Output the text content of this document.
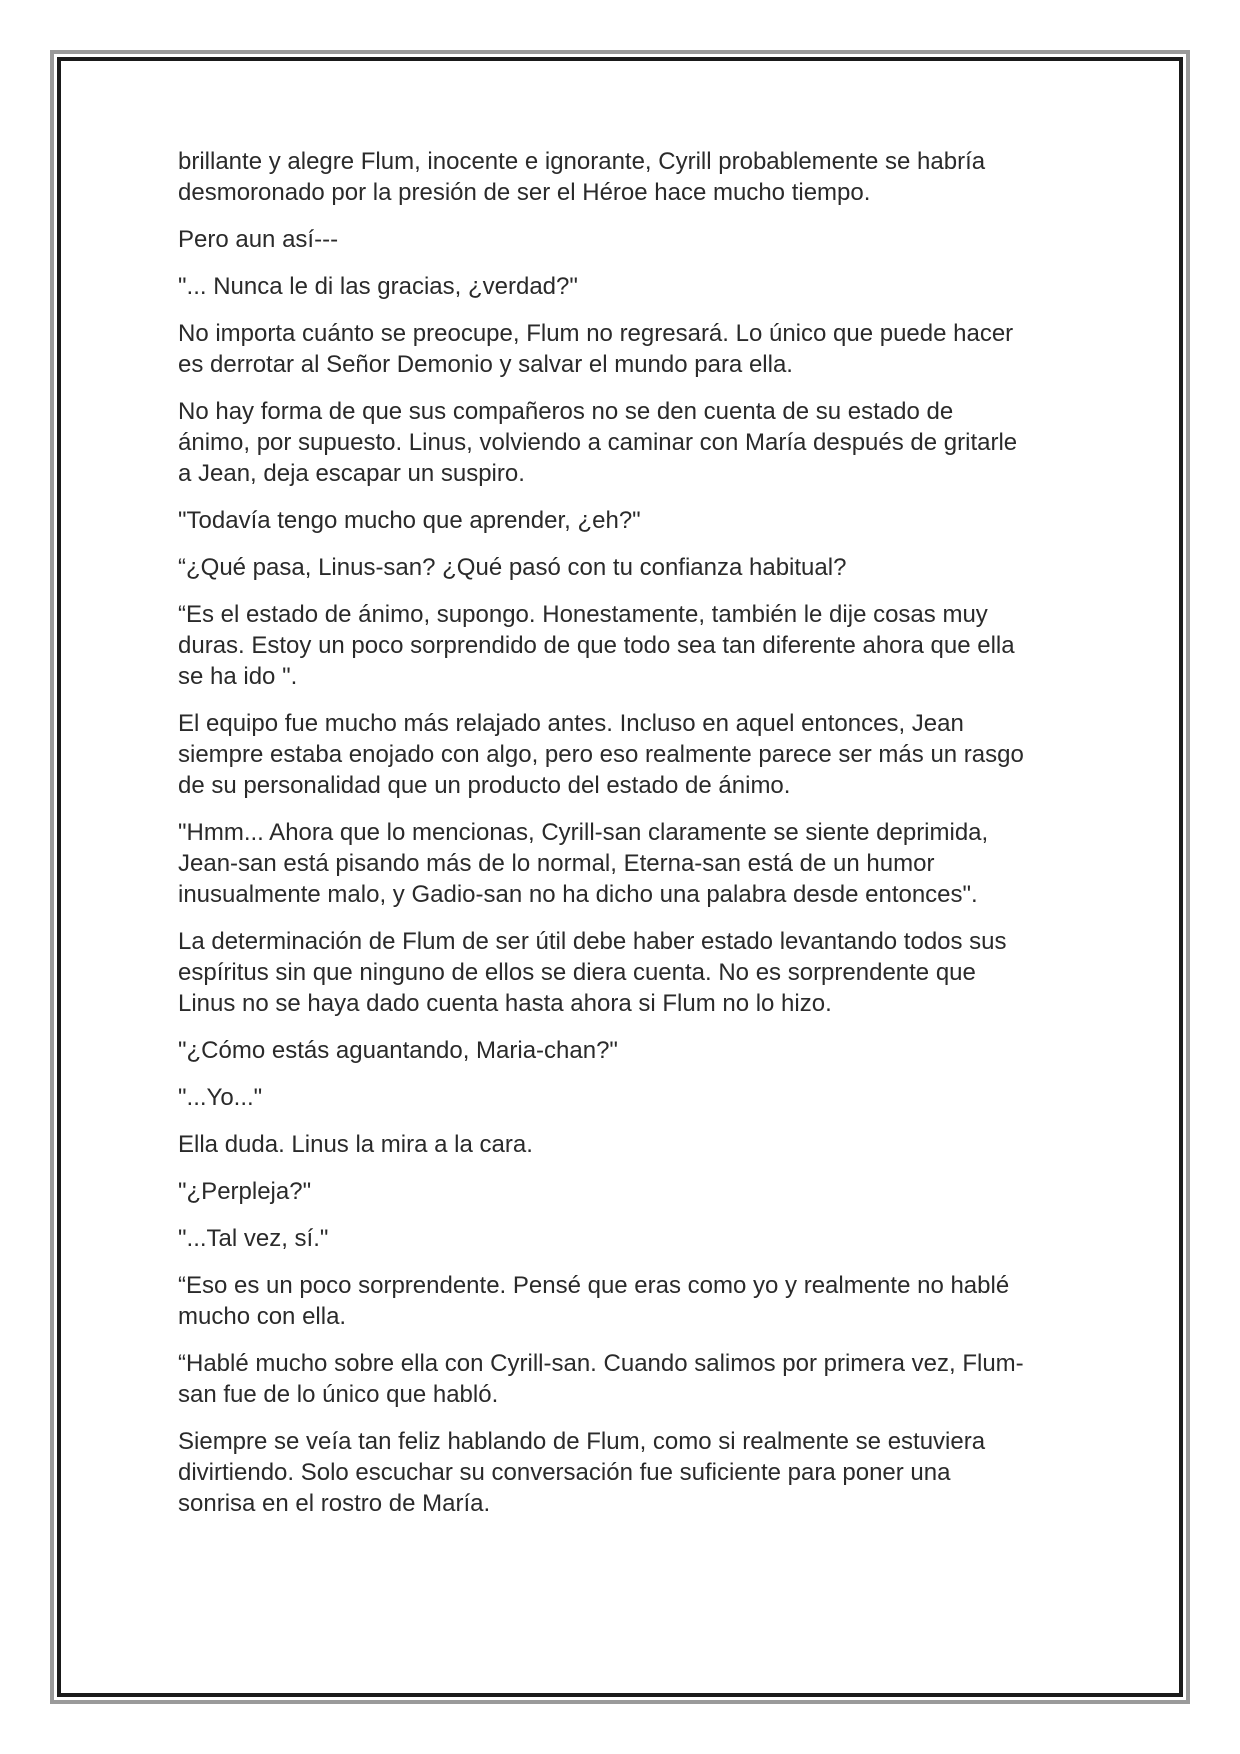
brillante y alegre Flum, inocente e ignorante, Cyrill probablemente se habría
desmoronado por la presión de ser el Héroe hace mucho tiempo.

Pero aun así---

"... Nunca le di las gracias, ¿verdad?"

No importa cuánto se preocupe, Flum no regresará. Lo único que puede hacer
es derrotar al Señor Demonio y salvar el mundo para ella.

No hay forma de que sus compañeros no se den cuenta de su estado de
ánimo, por supuesto. Linus, volviendo a caminar con María después de gritarle
a Jean, deja escapar un suspiro.

"Todavía tengo mucho que aprender, ¿eh?"

“¿Qué pasa, Linus-san? ¿Qué pasó con tu confianza habitual?

“Es el estado de ánimo, supongo. Honestamente, también le dije cosas muy
duras. Estoy un poco sorprendido de que todo sea tan diferente ahora que ella
se ha ido ".

El equipo fue mucho más relajado antes. Incluso en aquel entonces, Jean
siempre estaba enojado con algo, pero eso realmente parece ser más un rasgo
de su personalidad que un producto del estado de ánimo.

"Hmm... Ahora que lo mencionas, Cyrill-san claramente se siente deprimida,
Jean-san está pisando más de lo normal, Eterna-san está de un humor
inusualmente malo, y Gadio-san no ha dicho una palabra desde entonces".

La determinación de Flum de ser útil debe haber estado levantando todos sus
espíritus sin que ninguno de ellos se diera cuenta. No es sorprendente que
Linus no se haya dado cuenta hasta ahora si Flum no lo hizo.

"¿Cómo estás aguantando, Maria-chan?"

"...Yo..."

Ella duda. Linus la mira a la cara.

"¿Perpleja?"

"...Tal vez, sí."

“Eso es un poco sorprendente. Pensé que eras como yo y realmente no hablé
mucho con ella.

“Hablé mucho sobre ella con Cyrill-san. Cuando salimos por primera vez, Flum-
san fue de lo único que habló.

Siempre se veía tan feliz hablando de Flum, como si realmente se estuviera
divirtiendo. Solo escuchar su conversación fue suficiente para poner una
sonrisa en el rostro de María.
